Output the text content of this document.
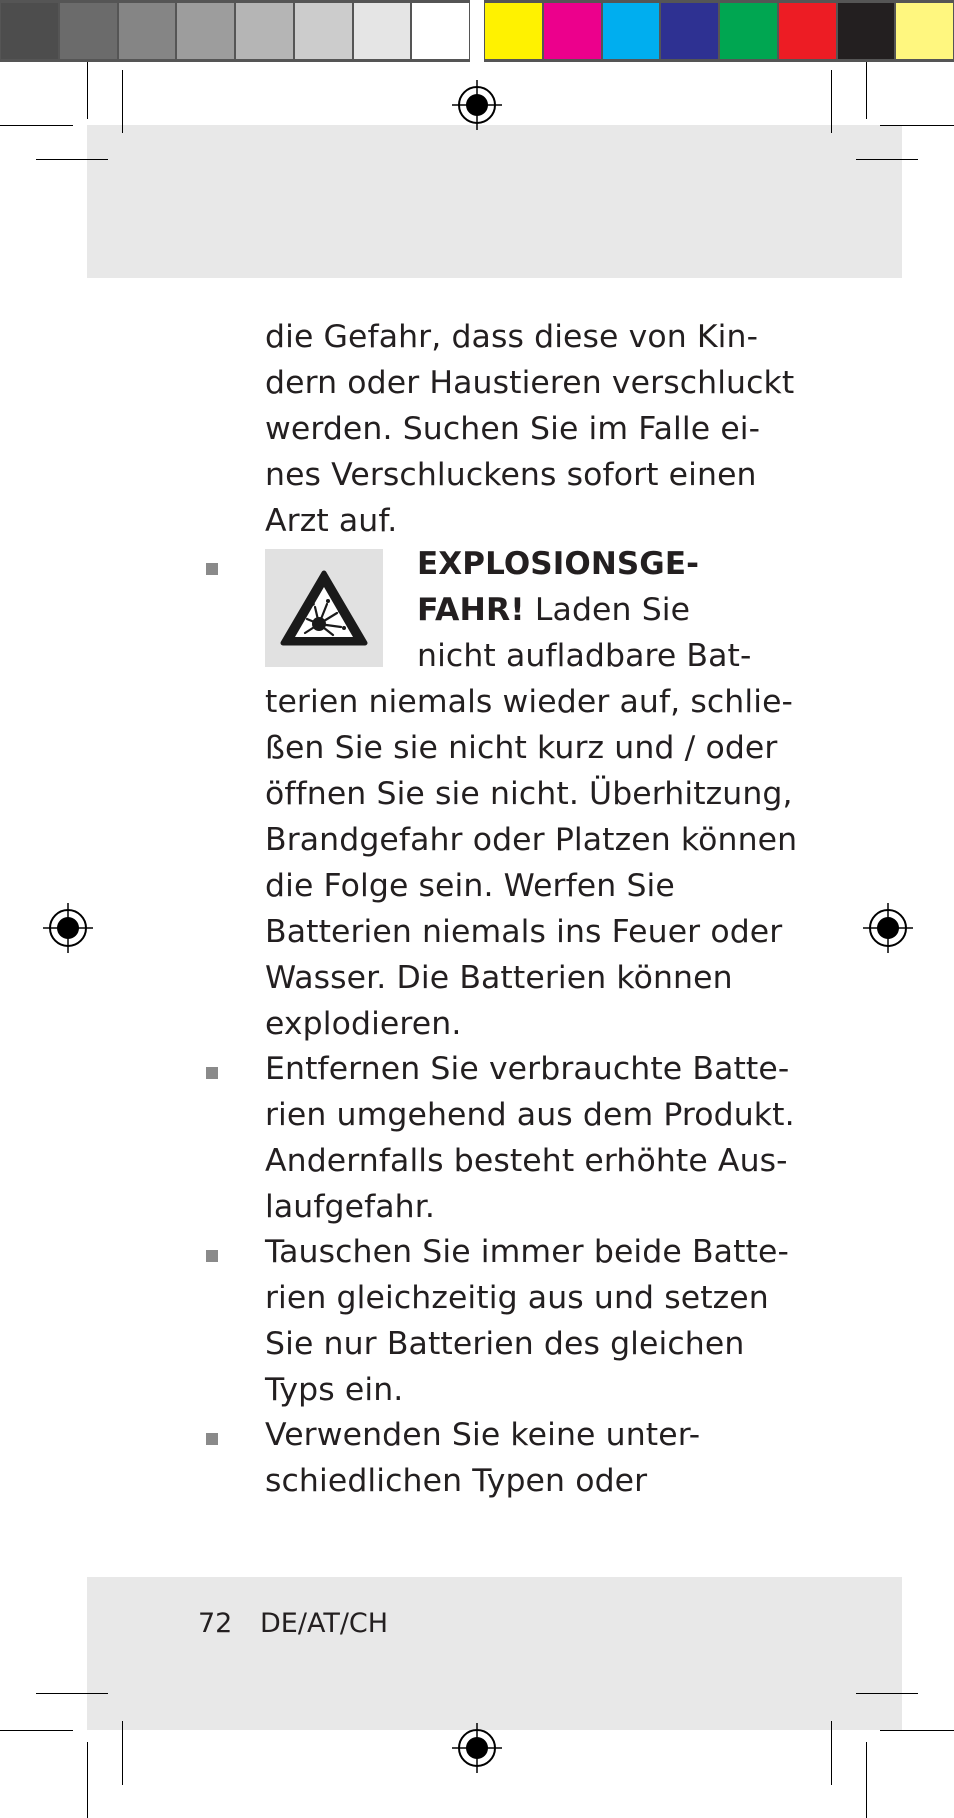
die Gefahr, dass diese von Kin-
dern oder Haustieren verschluckt
werden. Suchen Sie im Falle ei-
nes Verschluckens sofort einen
Arzt auf.
EXPLOSIONSGE-
FAHR! Laden Sie
nicht aufladbare Bat-
terien niemals wieder auf, schlie-
ßen Sie sie nicht kurz und / oder
öffnen Sie sie nicht. Überhitzung,
Brandgefahr oder Platzen können
die Folge sein. Werfen Sie
Batterien niemals ins Feuer oder
Wasser. Die Batterien können
explodieren.
Entfernen Sie verbrauchte Batte-
rien umgehend aus dem Produkt.
Andernfalls besteht erhöhte Aus-
laufgefahr.
Tauschen Sie immer beide Batte-
rien gleichzeitig aus und setzen
Sie nur Batterien des gleichen
Typs ein.
Verwenden Sie keine unter-
schiedlichen Typen oder
72 DE/AT/CH
